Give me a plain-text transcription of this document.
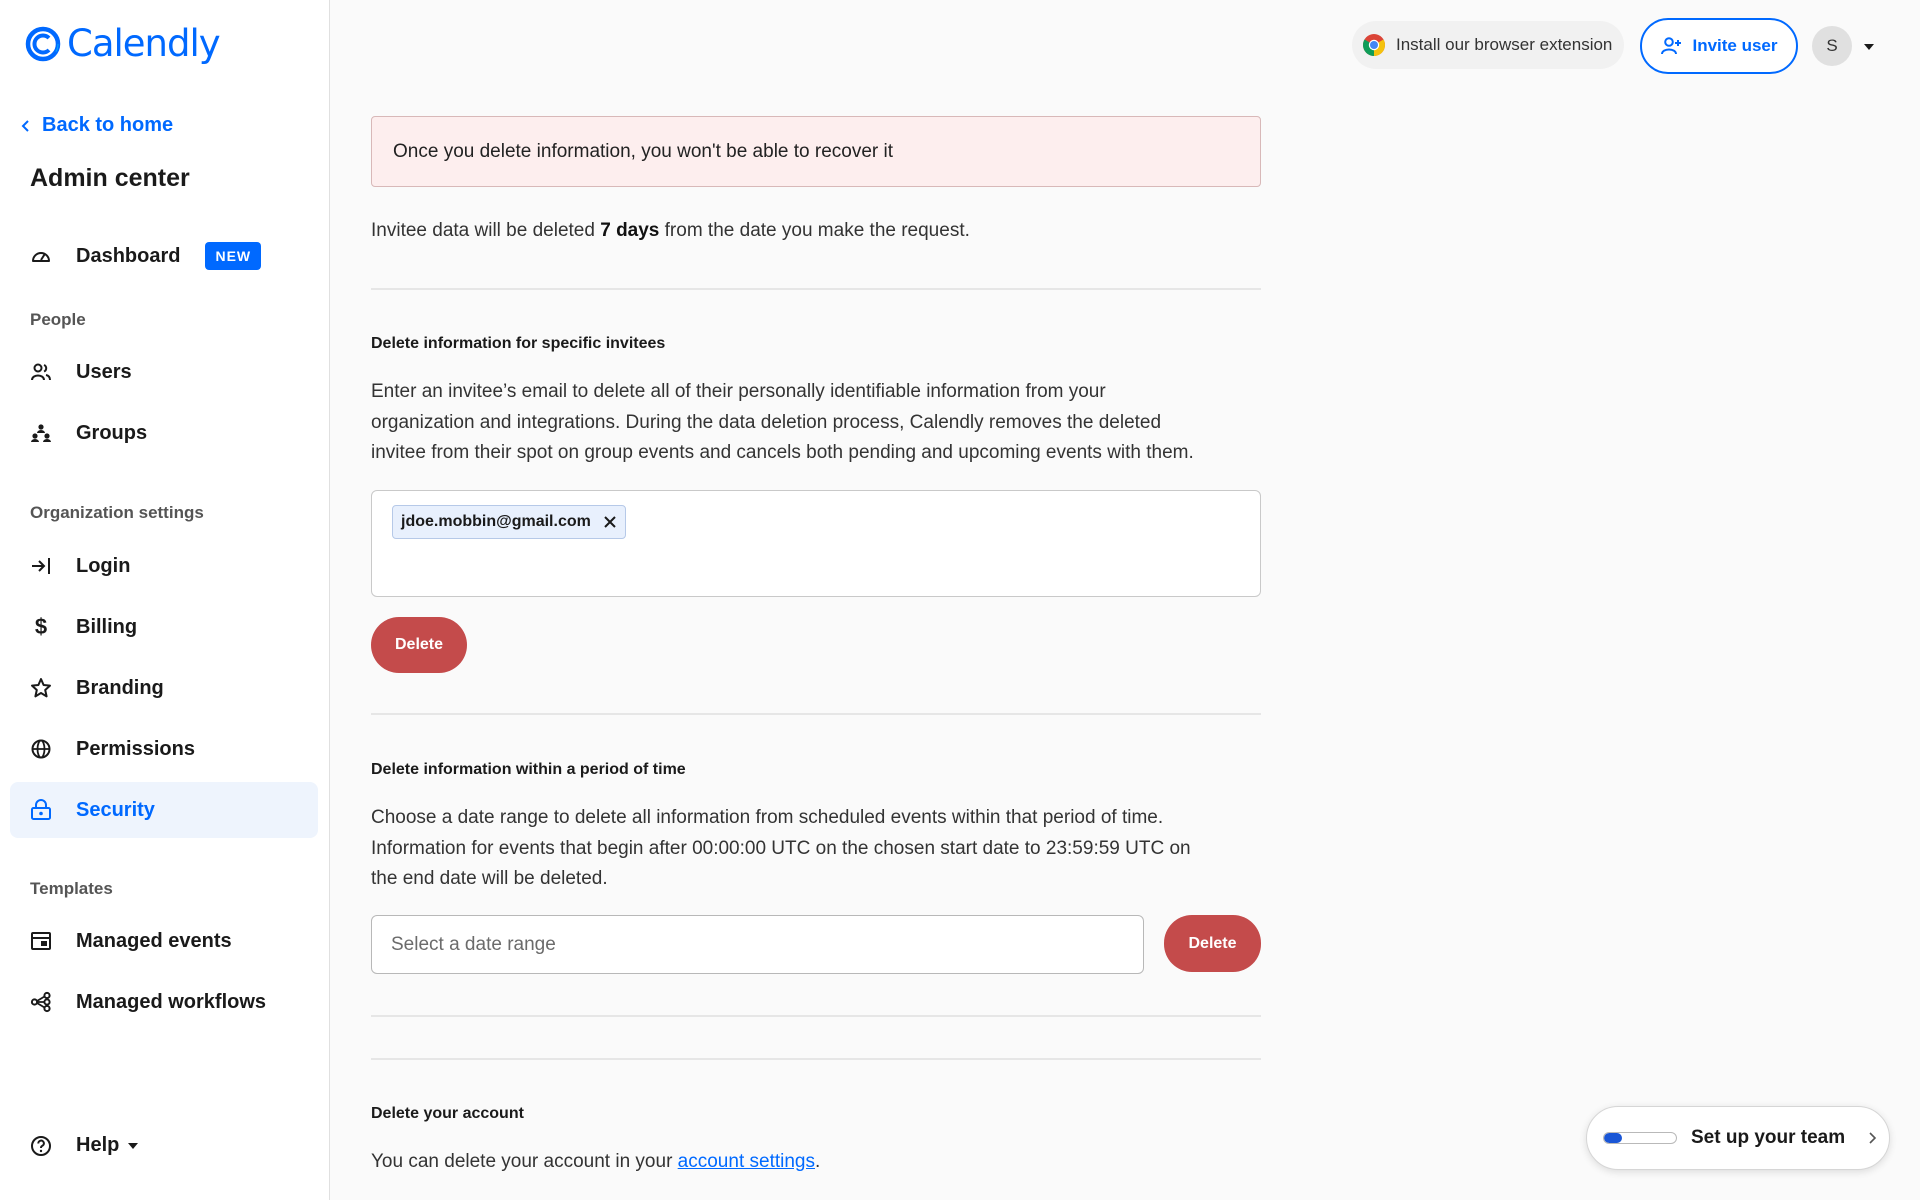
Calendly
Back to home
Admin center
Dashboard	NEW
People
Users
Groups
Organization settings
Login
$ Billing
Branding
Permissions
Security
Templates
Managed events
Managed workflows
Help
Install our browser extension	Invite user	S
Once you delete information, you won't be able to recover it
Invitee data will be deleted 7 days from the date you make the request.
Delete information for specific invitees
Enter an invitee’s email to delete all of their personally identifiable information from your
organization and integrations. During the data deletion process, Calendly removes the deleted
invitee from their spot on group events and cancels both pending and upcoming events with them.
jdoe.mobbin@gmail.com
Delete
Delete information within a period of time
Choose a date range to delete all information from scheduled events within that period of time.
Information for events that begin after 00:00:00 UTC on the chosen start date to 23:59:59 UTC on
the end date will be deleted.
Select a date range
Delete
Delete your account
You can delete your account in your account settings.
Set up your team
